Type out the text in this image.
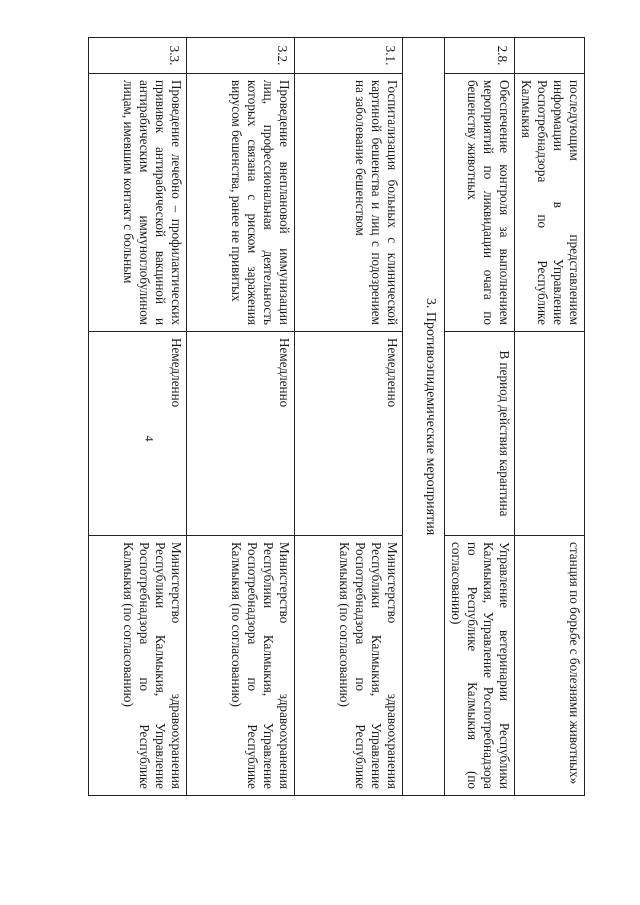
4
	последующим представлением информации в Управление Роспотребнадзора по Республике Калмыкия		станция по борьбе с болезнями животных»
2.8.	Обеспечение контроля за выполнением мероприятий по ликвидации очага по бешенству животных	В период действия карантина	Управление ветеринарии Республики Калмыкия, Управление Роспотребнадзора по Республике Калмыкия (по согласованию)
3. Противоэпидемические мероприятия			
3.1.	Госпитализация больных с клинической картиной бешенства и лиц с подозрением на заболевание бешенством	Немедленно	Министерство здравоохранения Республики Калмыкия, Управление Роспотребнадзора по Республике Калмыкия (по согласованию)
3.2.	Проведение внеплановой иммунизации лиц, профессиональная деятельность которых связана с риском заражения вирусом бешенства, ранее не привитых	Немедленно	Министерство здравоохранения Республики Калмыкия, Управление Роспотребнадзора по Республике Калмыкия (по согласованию)
3.3.	Проведение лечебно – профилактических прививок антирабической вакциной и антирабическим иммуноглобулином лицам, имевшим контакт с больным	Немедленно	Министерство здравоохранения Республики Калмыкия, Управление Роспотребнадзора по Республике Калмыкия (по согласованию)
